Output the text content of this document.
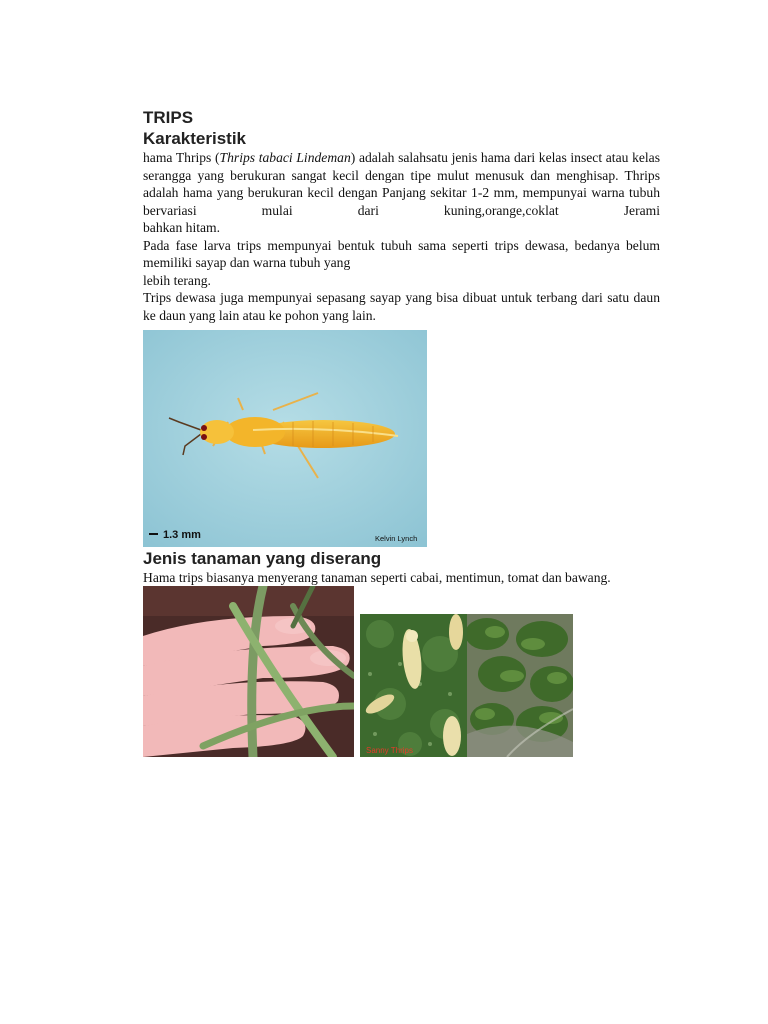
TRIPS
Karakteristik

hama Thrips (Thrips tabaci Lindeman) adalah salahsatu jenis hama dari kelas insect atau kelas serangga yang berukuran sangat kecil dengan tipe mulut menusuk dan menghisap. Thrips adalah hama yang berukuran kecil dengan Panjang sekitar 1-2 mm, mempunyai warna tubuh bervariasi mulai dari kuning,orange,coklat Jerami

bahkan hitam.

Pada fase larva trips mempunyai bentuk tubuh sama seperti trips dewasa, bedanya belum memiliki sayap dan warna tubuh yang

lebih terang.

Trips dewasa juga mempunyai sepasang sayap yang bisa dibuat untuk terbang dari satu daun ke daun yang lain atau ke pohon yang lain.

1.3 mm	Kelvin Lynch
Jenis tanaman yang diserang

Hama trips biasanya menyerang tanaman seperti cabai, mentimun, tomat dan bawang.

Sanny Thrips
